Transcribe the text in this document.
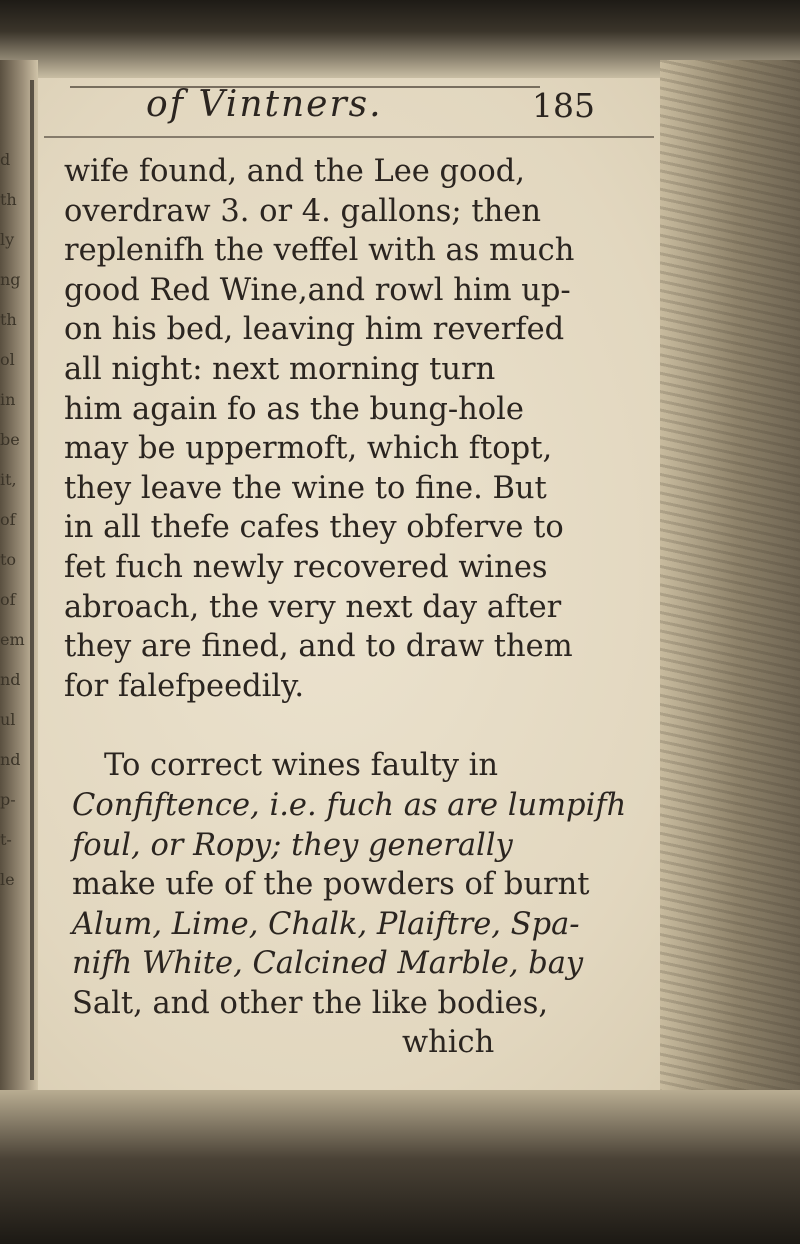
d
th
ly
ng
th
ol
in
be
it,
of
to
of
em
nd
ul
nd
p-
t-
le
of Vintners.	185

wife found, and the Lee good,
overdraw 3. or 4. gallons; then
replenifh the veffel with as much
good Red Wine,and rowl him up-
on his bed, leaving him reverfed
all night: next morning turn
him again fo as the bung-hole
may be uppermoft, which ftopt,
they leave the wine to fine. But
in all thefe cafes they obferve to
fet fuch newly recovered wines
abroach, the very next day after
they are fined, and to draw them
for falefpeedily.

To correct wines faulty in
Confiftence, i.e. fuch as are lumpifh
foul, or Ropy; they generally
make ufe of the powders of burnt
Alum, Lime, Chalk, Plaiftre, Spa-
nifh White, Calcined Marble, bay
Salt, and other the like bodies,
which
